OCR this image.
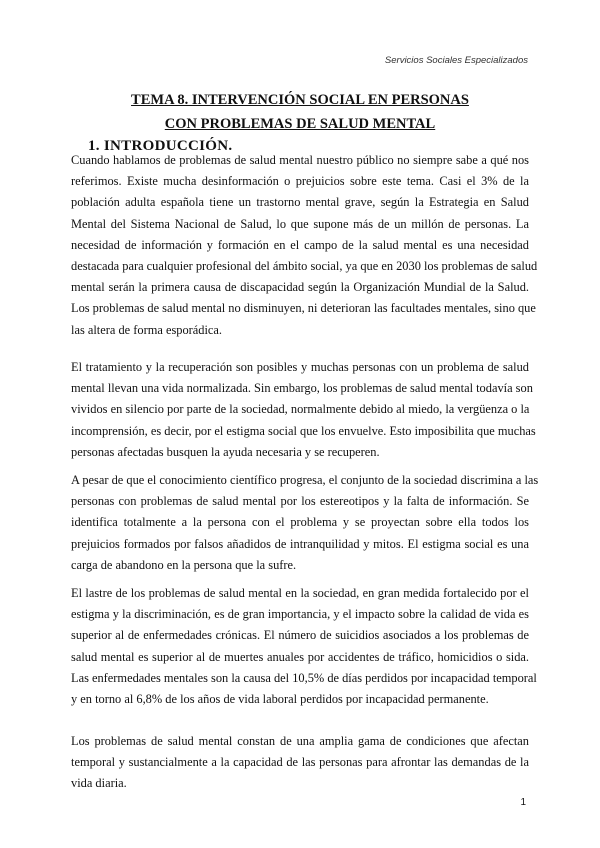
Servicios Sociales Especializados
TEMA 8. INTERVENCIÓN SOCIAL EN PERSONAS
CON PROBLEMAS DE SALUD MENTAL
1. INTRODUCCIÓN.
Cuando hablamos de problemas de salud mental nuestro público no siempre sabe a qué nos
referimos. Existe mucha desinformación o prejuicios sobre este tema. Casi el 3% de la
población adulta española tiene un trastorno mental grave, según la Estrategia en Salud
Mental del Sistema Nacional de Salud, lo que supone más de un millón de personas. La
necesidad de información y formación en el campo de la salud mental es una necesidad
destacada para cualquier profesional del ámbito social, ya que en 2030 los problemas de salud
mental serán la primera causa de discapacidad según la Organización Mundial de la Salud.
Los problemas de salud mental no disminuyen, ni deterioran las facultades mentales, sino que
las altera de forma esporádica.
El tratamiento y la recuperación son posibles y muchas personas con un problema de salud
mental llevan una vida normalizada. Sin embargo, los problemas de salud mental todavía son
vividos en silencio por parte de la sociedad, normalmente debido al miedo, la vergüenza o la
incomprensión, es decir, por el estigma social que los envuelve. Esto imposibilita que muchas
personas afectadas busquen la ayuda necesaria y se recuperen.
A pesar de que el conocimiento científico progresa, el conjunto de la sociedad discrimina a las
personas con problemas de salud mental por los estereotipos y la falta de información. Se
identifica totalmente a la persona con el problema y se proyectan sobre ella todos los
prejuicios formados por falsos añadidos de intranquilidad y mitos. El estigma social es una
carga de abandono en la persona que la sufre.
El lastre de los problemas de salud mental en la sociedad, en gran medida fortalecido por el
estigma y la discriminación, es de gran importancia, y el impacto sobre la calidad de vida es
superior al de enfermedades crónicas. El número de suicidios asociados a los problemas de
salud mental es superior al de muertes anuales por accidentes de tráfico, homicidios o sida.
Las enfermedades mentales son la causa del 10,5% de días perdidos por incapacidad temporal
y en torno al 6,8% de los años de vida laboral perdidos por incapacidad permanente.
Los problemas de salud mental constan de una amplia gama de condiciones que afectan
temporal y sustancialmente a la capacidad de las personas para afrontar las demandas de la
vida diaria.
1
